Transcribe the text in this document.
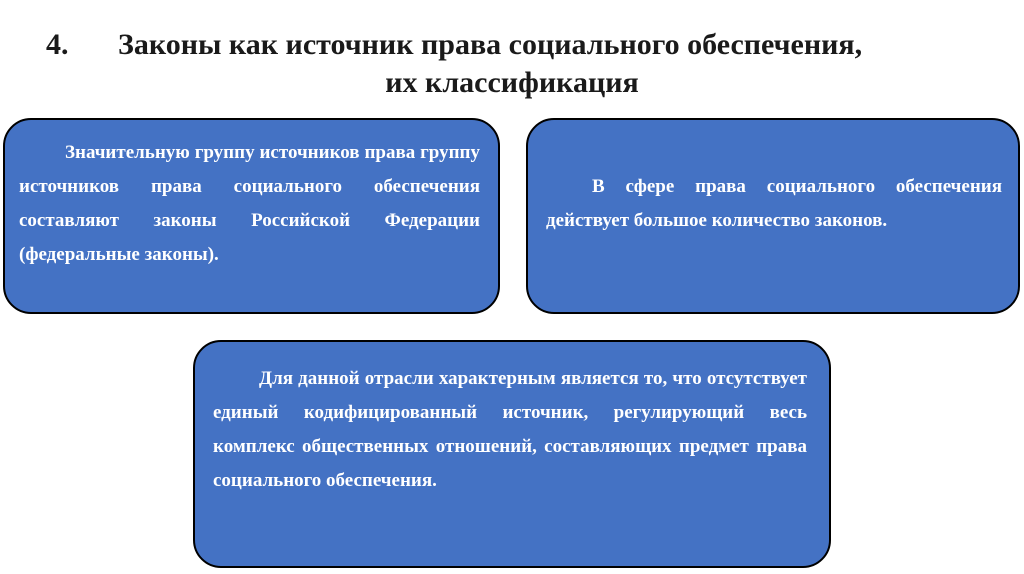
4. Законы как источник права социального обеспечения,
их классификация

Значительную группу источников права группу источников права социального обеспечения составляют законы Российской Федерации (федеральные законы).

В сфере права социального обеспечения действует большое количество законов.

Для данной отрасли характерным является то, что отсутствует единый кодифицированный источник, регулирующий весь комплекс общественных отношений, составляющих предмет права социального обеспечения.
